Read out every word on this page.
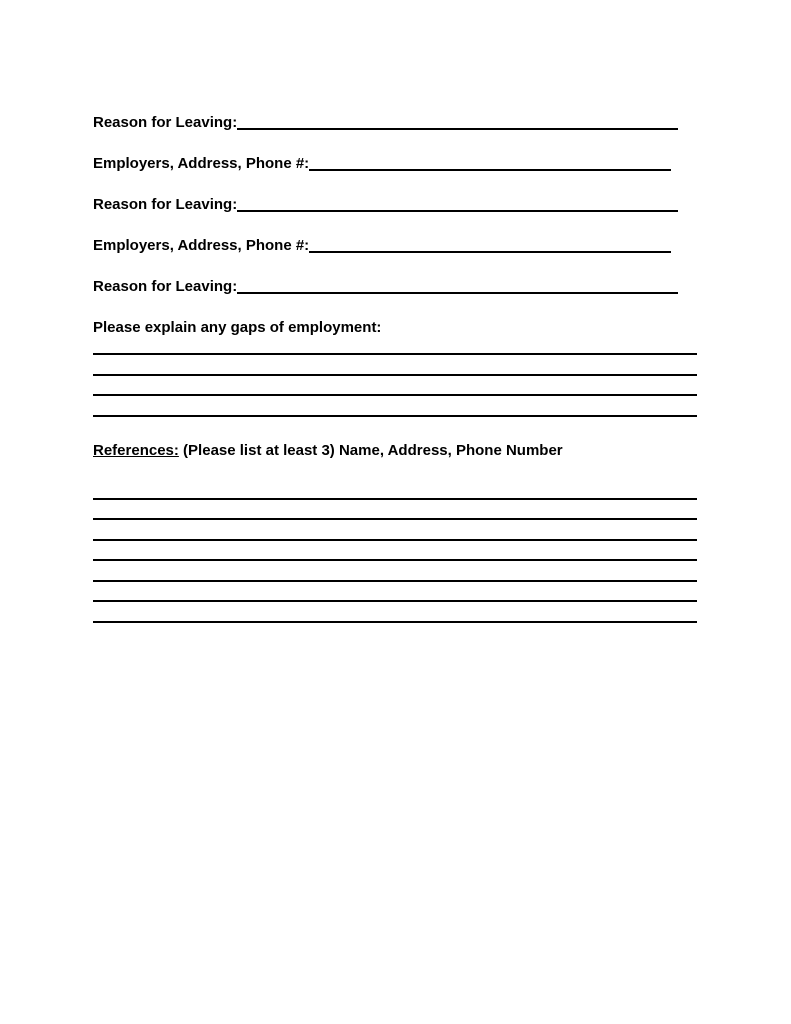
Reason for Leaving:
Employers, Address, Phone #:
Reason for Leaving:
Employers, Address, Phone #:
Reason for Leaving:
Please explain any gaps of employment:
References: (Please list at least 3) Name, Address, Phone Number
